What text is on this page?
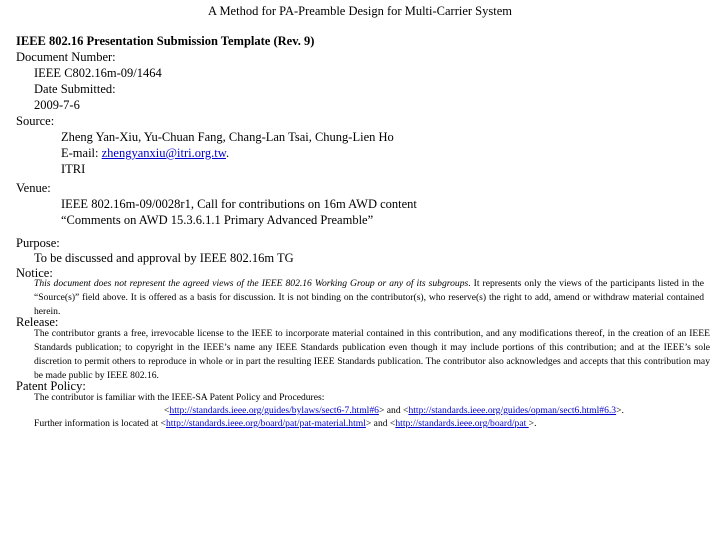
A Method for PA-Preamble Design for Multi-Carrier System
IEEE 802.16 Presentation Submission Template (Rev. 9)
Document Number:
IEEE C802.16m-09/1464
Date Submitted:
2009-7-6
Source:
Zheng Yan-Xiu, Yu-Chuan Fang, Chang-Lan Tsai, Chung-Lien Ho
E-mail: zhengyanxiu@itri.org.tw.
ITRI
Venue:
IEEE 802.16m-09/0028r1, Call for contributions on 16m AWD content
“Comments on AWD 15.3.6.1.1 Primary Advanced Preamble”
Purpose:
To be discussed and approval by IEEE 802.16m TG
Notice:
This document does not represent the agreed views of the IEEE 802.16 Working Group or any of its subgroups. It represents only the views of the participants listed in the “Source(s)” field above. It is offered as a basis for discussion. It is not binding on the contributor(s), who reserve(s) the right to add, amend or withdraw material contained herein.
Release:
The contributor grants a free, irrevocable license to the IEEE to incorporate material contained in this contribution, and any modifications thereof, in the creation of an IEEE Standards publication; to copyright in the IEEE’s name any IEEE Standards publication even though it may include portions of this contribution; and at the IEEE’s sole discretion to permit others to reproduce in whole or in part the resulting IEEE Standards publication. The contributor also acknowledges and accepts that this contribution may be made public by IEEE 802.16.
Patent Policy:
The contributor is familiar with the IEEE-SA Patent Policy and Procedures:
<http://standards.ieee.org/guides/bylaws/sect6-7.html#6> and <http://standards.ieee.org/guides/opman/sect6.html#6.3>.
Further information is located at <http://standards.ieee.org/board/pat/pat-material.html> and <http://standards.ieee.org/board/pat >.
